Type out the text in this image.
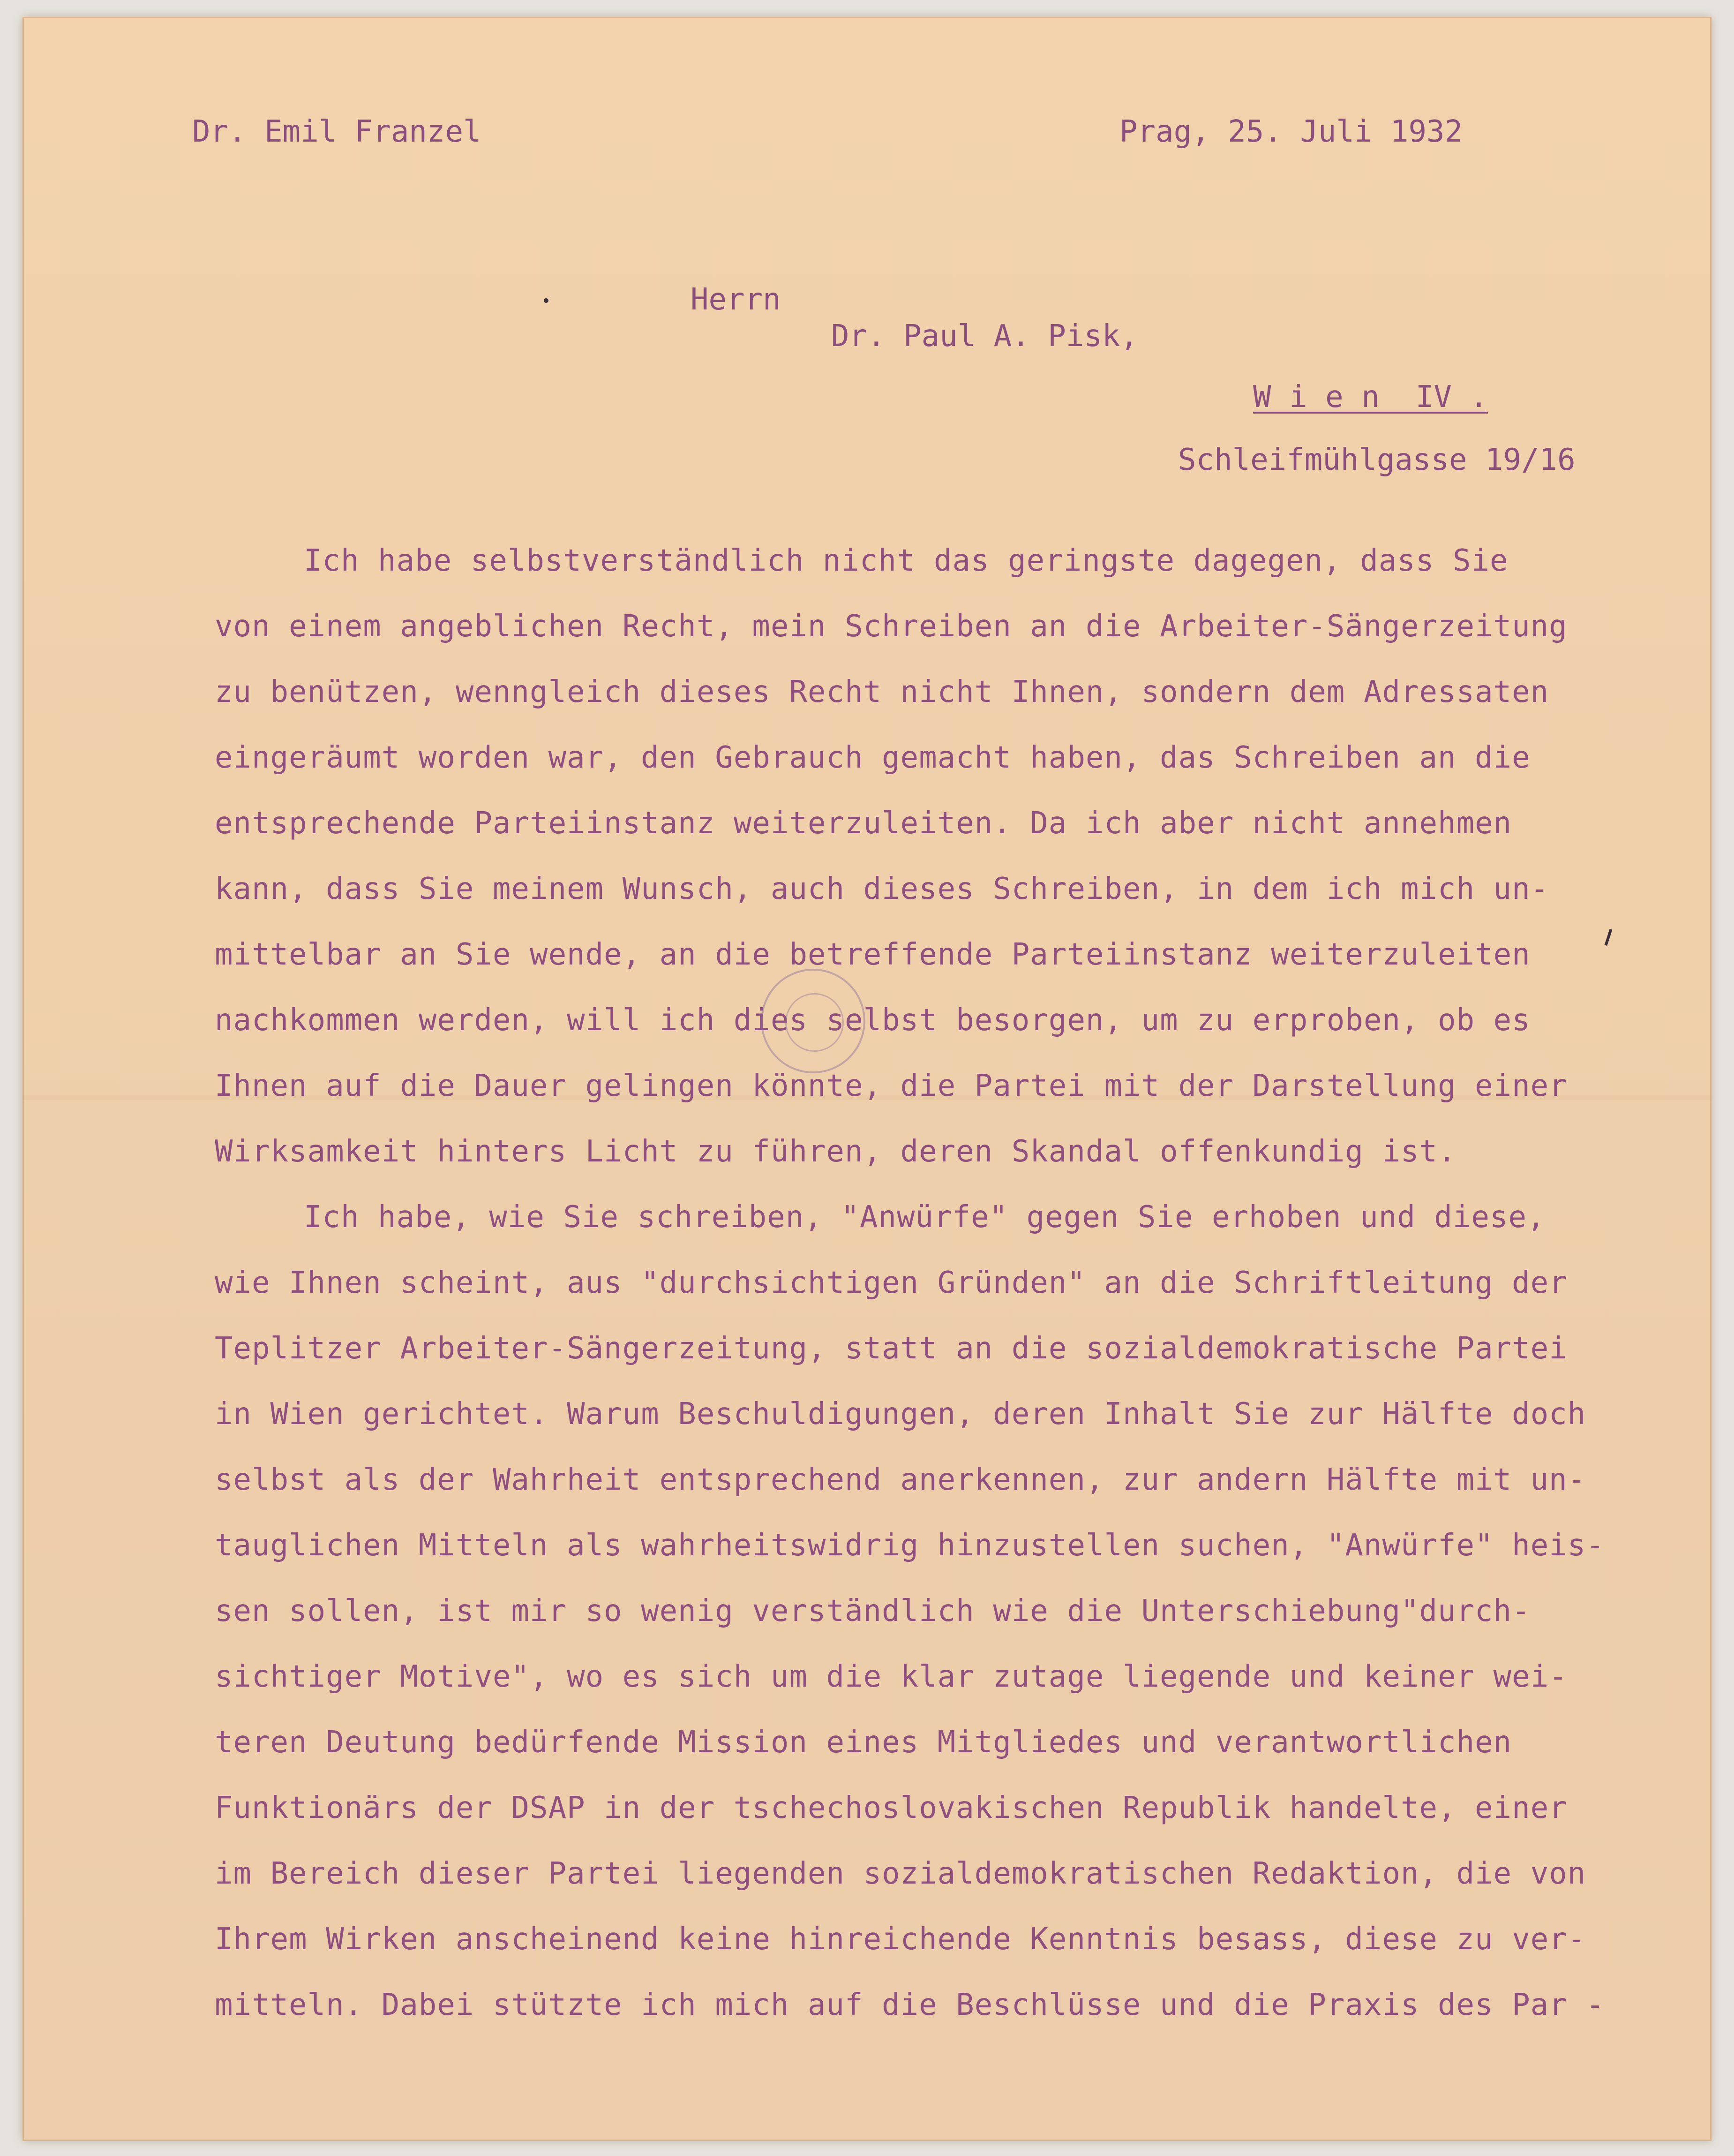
Dr. Emil Franzel	Prag, 25. Juli 1932
Herrn
Dr. Paul A. Pisk,
W i e n  IV .
Schleifmühlgasse 19/16
Ich habe selbstverständlich nicht das geringste dagegen, dass Sie
von einem angeblichen Recht, mein Schreiben an die Arbeiter-Sängerzeitung
zu benützen, wenngleich dieses Recht nicht Ihnen, sondern dem Adressaten
eingeräumt worden war, den Gebrauch gemacht haben, das Schreiben an die
entsprechende Parteiinstanz weiterzuleiten. Da ich aber nicht annehmen
kann, dass Sie meinem Wunsch, auch dieses Schreiben, in dem ich mich un-
mittelbar an Sie wende, an die betreffende Parteiinstanz weiterzuleiten
nachkommen werden, will ich dies selbst besorgen, um zu erproben, ob es
Ihnen auf die Dauer gelingen könnte, die Partei mit der Darstellung einer
Wirksamkeit hinters Licht zu führen, deren Skandal offenkundig ist.
Ich habe, wie Sie schreiben, "Anwürfe" gegen Sie erhoben und diese,
wie Ihnen scheint, aus "durchsichtigen Gründen" an die Schriftleitung der
Teplitzer Arbeiter-Sängerzeitung, statt an die sozialdemokratische Partei
in Wien gerichtet. Warum Beschuldigungen, deren Inhalt Sie zur Hälfte doch
selbst als der Wahrheit entsprechend anerkennen, zur andern Hälfte mit un-
tauglichen Mitteln als wahrheitswidrig hinzustellen suchen, "Anwürfe" heis-
sen sollen, ist mir so wenig verständlich wie die Unterschiebung"durch-
sichtiger Motive", wo es sich um die klar zutage liegende und keiner wei-
teren Deutung bedürfende Mission eines Mitgliedes und verantwortlichen
Funktionärs der DSAP in der tschechoslovakischen Republik handelte, einer
im Bereich dieser Partei liegenden sozialdemokratischen Redaktion, die von
Ihrem Wirken anscheinend keine hinreichende Kenntnis besass, diese zu ver-
mitteln. Dabei stützte ich mich auf die Beschlüsse und die Praxis des Par -
